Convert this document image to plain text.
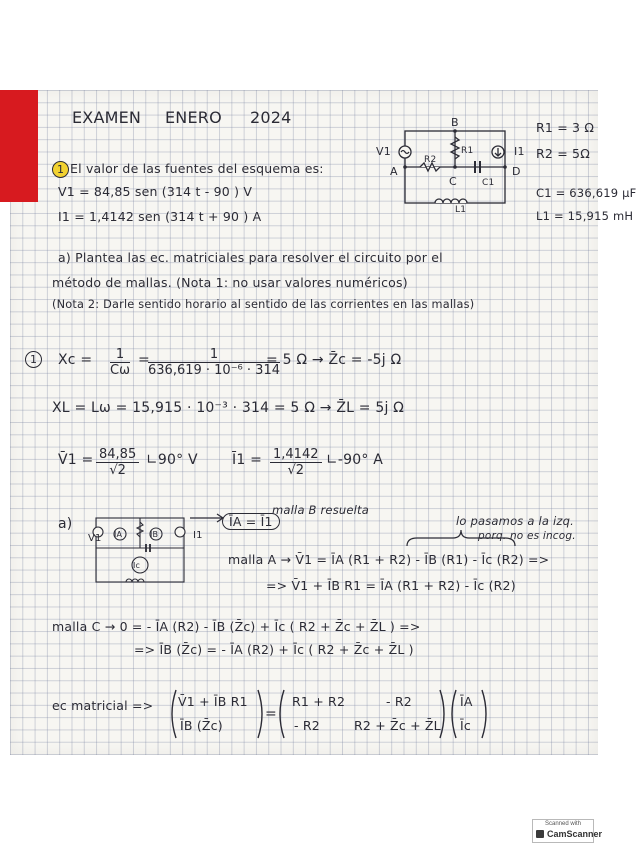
EXAMEN ENERO 2024
1 El valor de las fuentes del esquema es:
V1 = 84,85 sen (314 t - 90 ) V
I1 = 1,4142 sen (314 t + 90 ) A
B
A
C
D
V1	I1
R1
R2
C1
L1
R1 = 3 Ω
R2 = 5Ω
C1 = 636,619 μF
L1 = 15,915 mH
a) Plantea las ec. matriciales para resolver el circuito por el
método de mallas. (Nota 1: no usar valores numéricos)
(Nota 2: Darle sentido horario al sentido de las corrientes en las mallas)
1	$Xc = \frac{1}{C\omega}$ =
$\frac{1}{\text{636,619 · 10⁻⁶ · 314}}$
= 5 Ω → Z̄c = -5j Ω
XL = Lω = 15,915 · 10⁻³ · 314 = 5 Ω → Z̄L = 5j Ω
V̄1 = $\frac{84,85}{√2}$ ∟90° V Ī1 = $\frac{1,4142}{√2}$ ∟-90° A
a)
V1 IA	IB	I1
Ic
ĪA = Ī1
malla B resuelta
lo pasamos a la izq.
porq. no es incog.
malla A → V̄1 = ĪA (R1 + R2) - ĪB (R1) - Īc (R2) =>
=> V̄1 + ĪB R1 = ĪA (R1 + R2) - Īc (R2)
malla C → 0 = - ĪA (R2) - ĪB (Z̄c) + Īc ( R2 + Z̄c + Z̄L ) =>
=> ĪB (Z̄c) = - ĪA (R2) + Īc ( R2 + Z̄c + Z̄L )
ec matricial => V̄1 + ĪB R1
ĪB (Z̄c)
=
R1 + R2	- R2
- R2	R2 + Z̄c + Z̄L
ĪA
Īc
Scanned with
CamScanner
